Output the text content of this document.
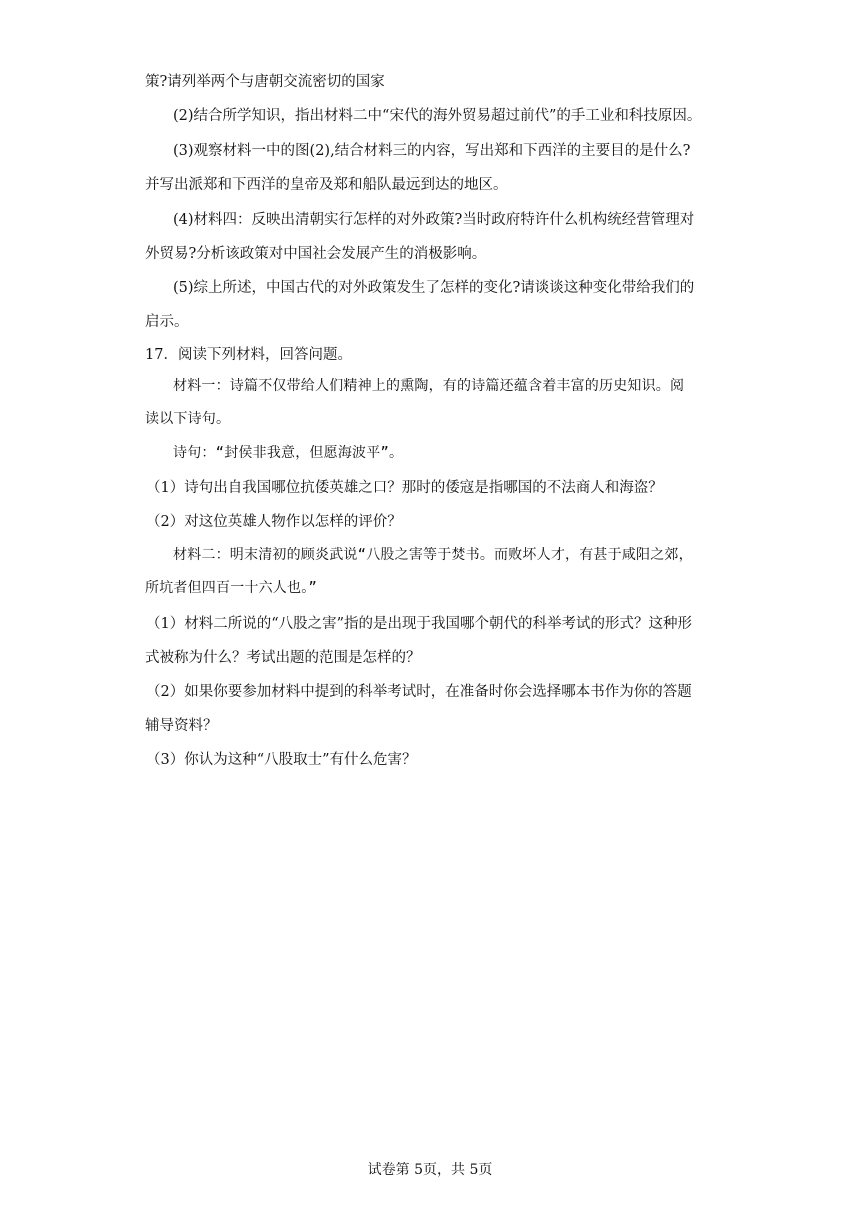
策?请列举两个与唐朝交流密切的国家
(2)结合所学知识，指出材料二中“宋代的海外贸易超过前代”的手工业和科技原因。
(3)观察材料一中的图(2),结合材料三的内容，写出郑和下西洋的主要目的是什么?
并写出派郑和下西洋的皇帝及郑和船队最远到达的地区。
(4)材料四：反映出清朝实行怎样的对外政策?当时政府特许什么机构统经营管理对
外贸易?分析该政策对中国社会发展产生的消极影响。
(5)综上所述，中国古代的对外政策发生了怎样的变化?请谈谈这种变化带给我们的
启示。
17．阅读下列材料，回答问题。
材料一：诗篇不仅带给人们精神上的熏陶，有的诗篇还蕴含着丰富的历史知识。阅
读以下诗句。
诗句：“封侯非我意，但愿海波平”。
（1）诗句出自我国哪位抗倭英雄之口？那时的倭寇是指哪国的不法商人和海盗？
（2）对这位英雄人物作以怎样的评价？
材料二：明末清初的顾炎武说“八股之害等于焚书。而败坏人才，有甚于咸阳之郊，
所坑者但四百一十六人也。”
（1）材料二所说的“八股之害”指的是出现于我国哪个朝代的科举考试的形式？这种形
式被称为什么？考试出题的范围是怎样的？
（2）如果你要参加材料中提到的科举考试时，在准备时你会选择哪本书作为你的答题
辅导资料？
（3）你认为这种“八股取士”有什么危害？
试卷第 5页，共 5页
